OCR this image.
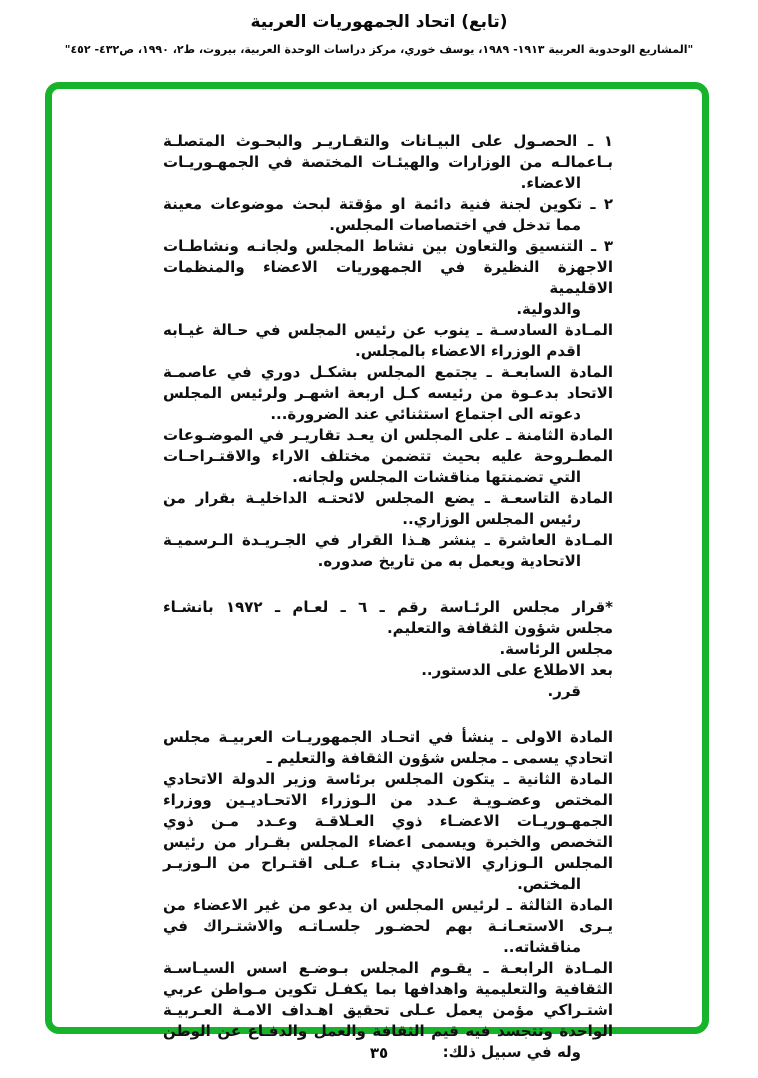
(تابع) اتحاد الجمهوريات العربية
"المشاريع الوحدوية العربية ١٩١٣- ١٩٨٩، يوسف خوري، مركز دراسات الوحدة العربية، بيروت، ط٢، ١٩٩٠، ص٤٣٢- ٤٥٢"
١ ـ الحصـول على البيـانات والتقـاريـر والبحـوث المتصلـة
بـاعمالـه من الوزارات والهيئـات المختصة في الجمهـوريـات
الاعضاء.
٢ ـ تكوين لجنة فنية دائمة او مؤقتة لبحث موضوعات معينة
مما تدخل في اختصاصات المجلس.
٣ ـ التنسيق والتعاون بين نشاط المجلس ولجانـه ونشاطـات
الاجهزة النظيرة في الجمهوريات الاعضاء والمنظمات الاقليمية
والدولية.
المـادة السادسـة ـ ينوب عن رئيس المجلس في حـالة غيـابه
اقدم الوزراء الاعضاء بالمجلس.
المادة السابعـة ـ يجتمع المجلس بشكـل دوري في عاصمـة
الاتحاد بدعـوة من رئيسه كـل اربعة اشهـر ولرئيس المجلس
دعوته الى اجتماع استثنائي عند الضرورة...
المادة الثامنة ـ على المجلس ان يعـد تقاريـر في الموضـوعات
المطـروحة عليه بحيث تتضمن مختلف الاراء والاقتـراحـات
التي تضمنتها مناقشات المجلس ولجانه.
المادة التاسعـة ـ يضع المجلس لائحتـه الداخليـة بقرار من
رئيس المجلس الوزاري..
المـادة العاشرة ـ ينشر هـذا القرار في الجـريـدة الـرسميـة
الاتحادية ويعمل به من تاريخ صدوره.
*قرار مجلس الرئـاسة رقم ـ ٦ ـ لعـام ـ ١٩٧٢ بانشـاء
مجلس شؤون الثقافة والتعليم.
مجلس الرئاسة.
بعد الاطلاع على الدستور..
قرر.
المادة الاولى ـ ينشأ في اتحـاد الجمهوريـات العربيـة مجلس
اتحادي يسمى ـ مجلس شؤون الثقافة والتعليم ـ
المادة الثانية ـ يتكون المجلس برئاسة وزير الدولة الاتحادي
المختص وعضـويـة عـدد من الـوزراء الاتحـاديـين ووزراء
الجمهـوريـات الاعضـاء ذوي العـلاقـة وعـدد مـن ذوي
التخصص والخبرة ويسمى اعضاء المجلس بقـرار من رئيس
المجلس الـوزاري الاتحادي بنـاء عـلى اقتـراح من الـوزيـر
المختص.
المادة الثالثة ـ لرئيس المجلس ان يدعو من غير الاعضاء من
يـرى الاستعـانـة بهم لحضـور جلسـاتـه والاشتـراك في
مناقشاته..
المـادة الرابعـة ـ يقـوم المجلس بـوضـع اسس السيـاسـة
الثقافية والتعليمية واهدافها بما يكفـل تكوين مـواطن عربي
اشتـراكي مؤمن يعمل عـلى تحقيق اهـداف الامـة العـربيـة
الواحدة وتتجسد فيه قيم الثقافة والعمل والدفـاع عن الوطن
وله في سبيل ذلك:
٣٥
